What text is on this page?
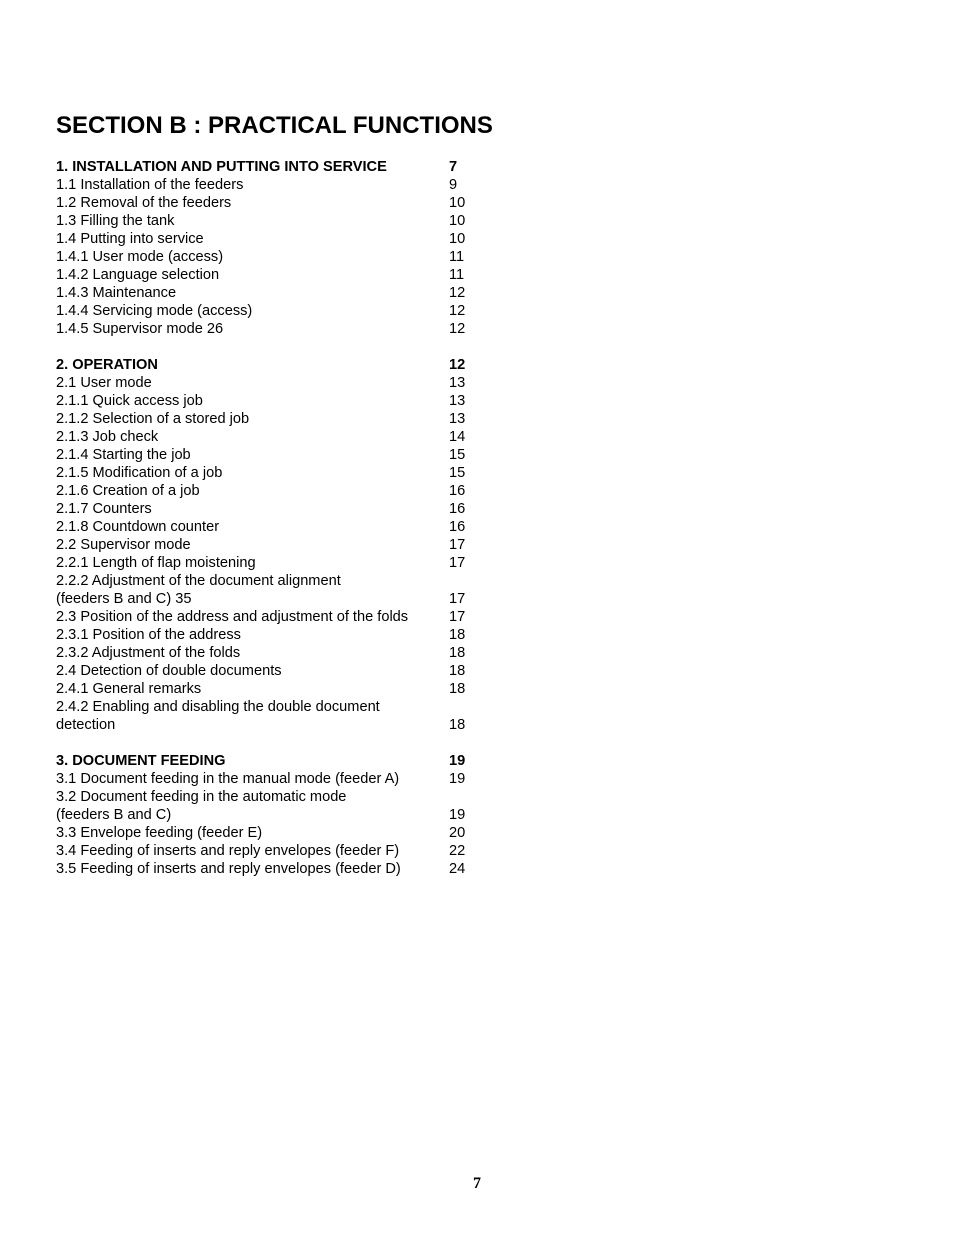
SECTION B : PRACTICAL FUNCTIONS
1. INSTALLATION AND PUTTING INTO SERVICE	7
1.1 Installation of the feeders	9
1.2 Removal of the feeders	10
1.3 Filling the tank	10
1.4 Putting into service	10
1.4.1 User mode (access)	11
1.4.2 Language selection	11
1.4.3 Maintenance	12
1.4.4 Servicing mode (access)	12
1.4.5 Supervisor mode 26	12
2. OPERATION	12
2.1 User mode	13
2.1.1 Quick access job	13
2.1.2 Selection of a stored job	13
2.1.3 Job check	14
2.1.4 Starting the job	15
2.1.5 Modification of a job	15
2.1.6 Creation of a job	16
2.1.7 Counters	16
2.1.8 Countdown counter	16
2.2 Supervisor mode	17
2.2.1 Length of flap moistening	17
2.2.2 Adjustment of the document alignment
(feeders B and C) 35	17
2.3 Position of the address and adjustment of the folds	17
2.3.1 Position of the address	18
2.3.2 Adjustment of the folds	18
2.4 Detection of double documents	18
2.4.1 General remarks	18
2.4.2 Enabling and disabling the double document
detection	18
3. DOCUMENT FEEDING	19
3.1 Document feeding in the manual mode (feeder A)	19
3.2 Document feeding in the automatic mode
(feeders B and C)	19
3.3 Envelope feeding (feeder E)	20
3.4 Feeding of inserts and reply envelopes (feeder F)	22
3.5 Feeding of inserts and reply envelopes (feeder D)	24
7
